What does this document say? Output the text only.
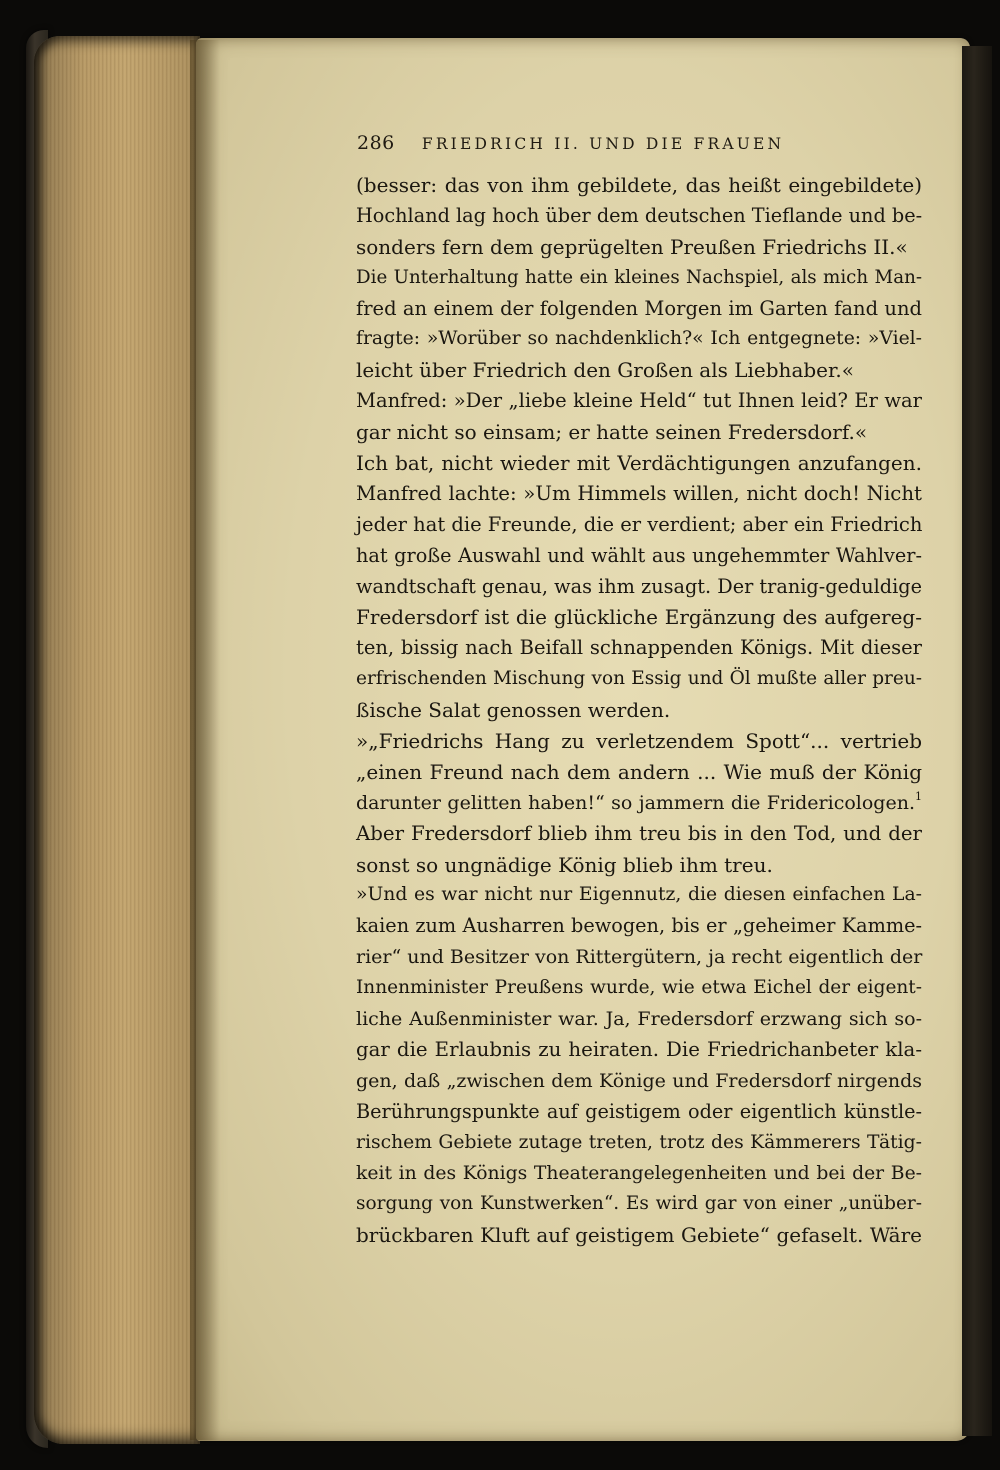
286 FRIEDRICH II. UND DIE FRAUEN
(besser: das von ihm gebildete, das heißt eingebildete)
Hochland lag hoch über dem deutschen Tieflande und be-
sonders fern dem geprügelten Preußen Friedrichs II.«
Die Unterhaltung hatte ein kleines Nachspiel, als mich Man-
fred an einem der folgenden Morgen im Garten fand und
fragte: »Worüber so nachdenklich?« Ich entgegnete: »Viel-
leicht über Friedrich den Großen als Liebhaber.«
Manfred: »Der „liebe kleine Held“ tut Ihnen leid? Er war
gar nicht so einsam; er hatte seinen Fredersdorf.«
Ich bat, nicht wieder mit Verdächtigungen anzufangen.
Manfred lachte: »Um Himmels willen, nicht doch! Nicht
jeder hat die Freunde, die er verdient; aber ein Friedrich
hat große Auswahl und wählt aus ungehemmter Wahlver-
wandtschaft genau, was ihm zusagt. Der tranig-geduldige
Fredersdorf ist die glückliche Ergänzung des aufgereg-
ten, bissig nach Beifall schnappenden Königs. Mit dieser
erfrischenden Mischung von Essig und Öl mußte aller preu-
ßische Salat genossen werden.
»„Friedrichs Hang zu verletzendem Spott“... vertrieb
„einen Freund nach dem andern ... Wie muß der König
darunter gelitten haben!“ so jammern die Fridericologen.$^1$
Aber Fredersdorf blieb ihm treu bis in den Tod, und der
sonst so ungnädige König blieb ihm treu.
»Und es war nicht nur Eigennutz, die diesen einfachen La-
kaien zum Ausharren bewogen, bis er „geheimer Kamme-
rier“ und Besitzer von Rittergütern, ja recht eigentlich der
Innenminister Preußens wurde, wie etwa Eichel der eigent-
liche Außenminister war. Ja, Fredersdorf erzwang sich so-
gar die Erlaubnis zu heiraten. Die Friedrichanbeter kla-
gen, daß „zwischen dem Könige und Fredersdorf nirgends
Berührungspunkte auf geistigem oder eigentlich künstle-
rischem Gebiete zutage treten, trotz des Kämmerers Tätig-
keit in des Königs Theaterangelegenheiten und bei der Be-
sorgung von Kunstwerken“. Es wird gar von einer „unüber-
brückbaren Kluft auf geistigem Gebiete“ gefaselt. Wäre
